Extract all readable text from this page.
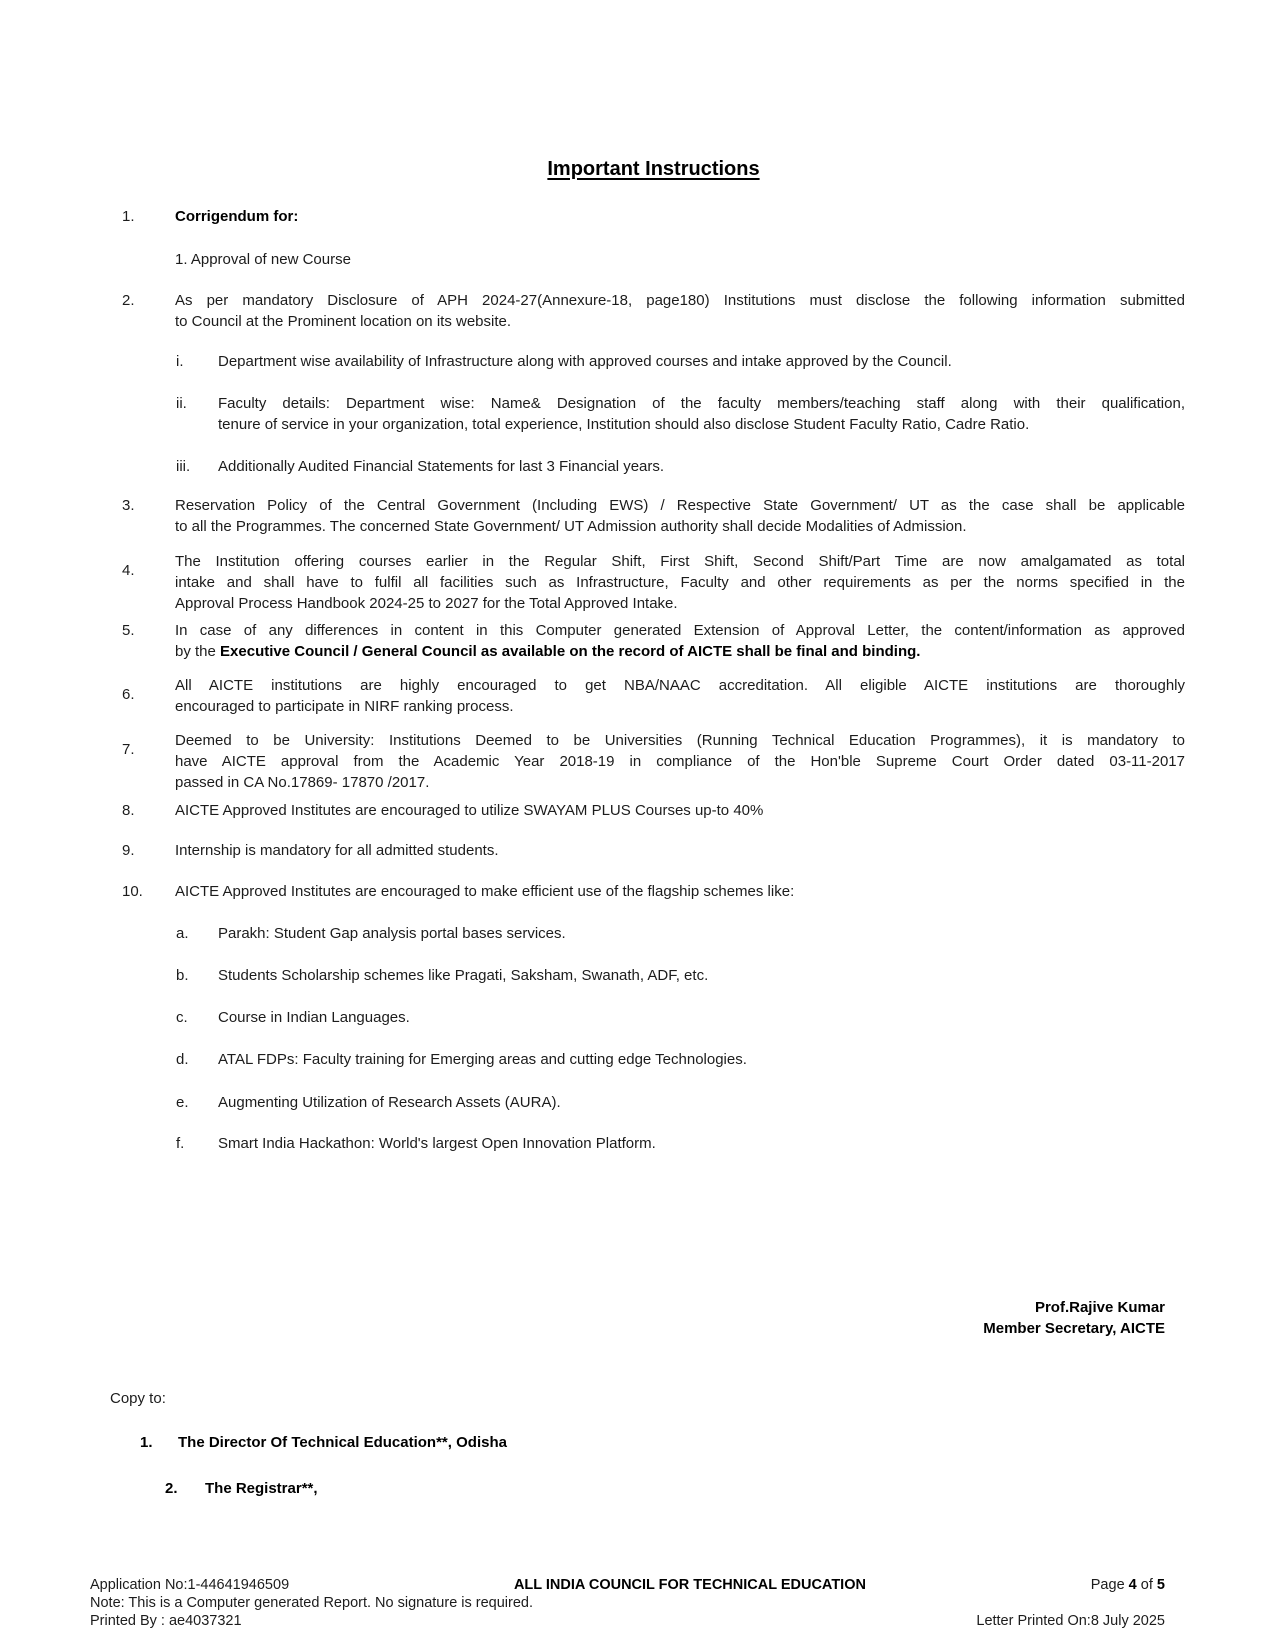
Important Instructions
1.	Corrigendum for:
1. Approval of new Course
2.	As per mandatory Disclosure of APH 2024-27(Annexure-18, page180) Institutions must disclose the following information submitted
to Council at the Prominent location on its website.
i.	Department wise availability of Infrastructure along with approved courses and intake approved by the Council.
ii.	Faculty details: Department wise: Name& Designation of the faculty members/teaching staff along with their qualification,
tenure of service in your organization, total experience, Institution should also disclose Student Faculty Ratio, Cadre Ratio.
iii.	Additionally Audited Financial Statements for last 3 Financial years.
3.	Reservation Policy of the Central Government (Including EWS) / Respective State Government/ UT as the case shall be applicable
to all the Programmes. The concerned State Government/ UT Admission authority shall decide Modalities of Admission.
4.
The Institution offering courses earlier in the Regular Shift, First Shift, Second Shift/Part Time are now amalgamated as total
intake and shall have to fulfil all facilities such as Infrastructure, Faculty and other requirements as per the norms specified in the
Approval Process Handbook 2024-25 to 2027 for the Total Approved Intake.
5.	In case of any differences in content in this Computer generated Extension of Approval Letter, the content/information as approved
by the Executive Council / General Council as available on the record of AICTE shall be final and binding.
6.
All AICTE institutions are highly encouraged to get NBA/NAAC accreditation. All eligible AICTE institutions are thoroughly
encouraged to participate in NIRF ranking process.
7.
Deemed to be University: Institutions Deemed to be Universities (Running Technical Education Programmes), it is mandatory to
have AICTE approval from the Academic Year 2018-19 in compliance of the Hon'ble Supreme Court Order dated 03-11-2017
passed in CA No.17869- 17870 /2017.
8.	AICTE Approved Institutes are encouraged to utilize SWAYAM PLUS Courses up-to 40%
9.	Internship is mandatory for all admitted students.
10.	AICTE Approved Institutes are encouraged to make efficient use of the flagship schemes like:
a.	Parakh: Student Gap analysis portal bases services.
b.	Students Scholarship schemes like Pragati, Saksham, Swanath, ADF, etc.
c.	Course in Indian Languages.
d.	ATAL FDPs: Faculty training for Emerging areas and cutting edge Technologies.
e.	Augmenting Utilization of Research Assets (AURA).
f.	Smart India Hackathon: World's largest Open Innovation Platform.
Prof.Rajive Kumar
Member Secretary, AICTE
Copy to:
1.	The Director Of Technical Education**, Odisha
2.	The Registrar**,
Application No:1-44641946509	ALL INDIA COUNCIL FOR TECHNICAL EDUCATION	Page 4 of 5
Note: This is a Computer generated Report. No signature is required.
Printed By : ae4037321	Letter Printed On:8 July 2025
